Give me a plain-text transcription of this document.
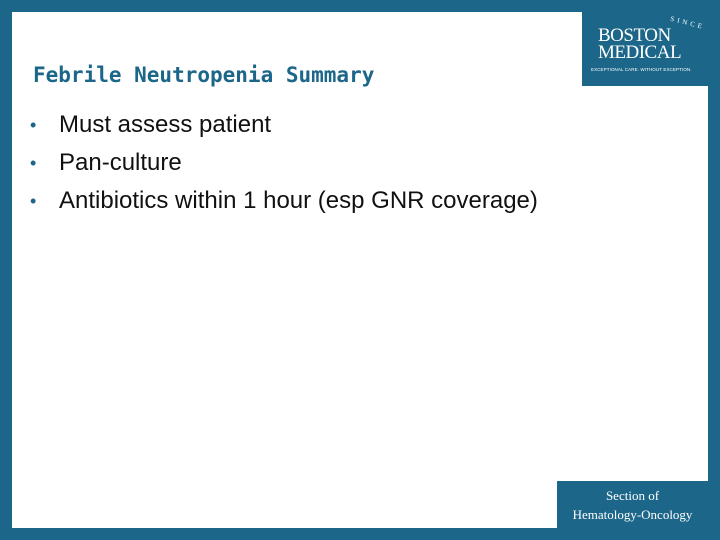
SINCE
BOSTON
MEDICAL
EXCEPTIONAL CARE. WITHOUT EXCEPTION.
Febrile Neutropenia Summary
• Must assess patient
• Pan-culture
• Antibiotics within 1 hour (esp GNR coverage)
Section of
Hematology-Oncology
